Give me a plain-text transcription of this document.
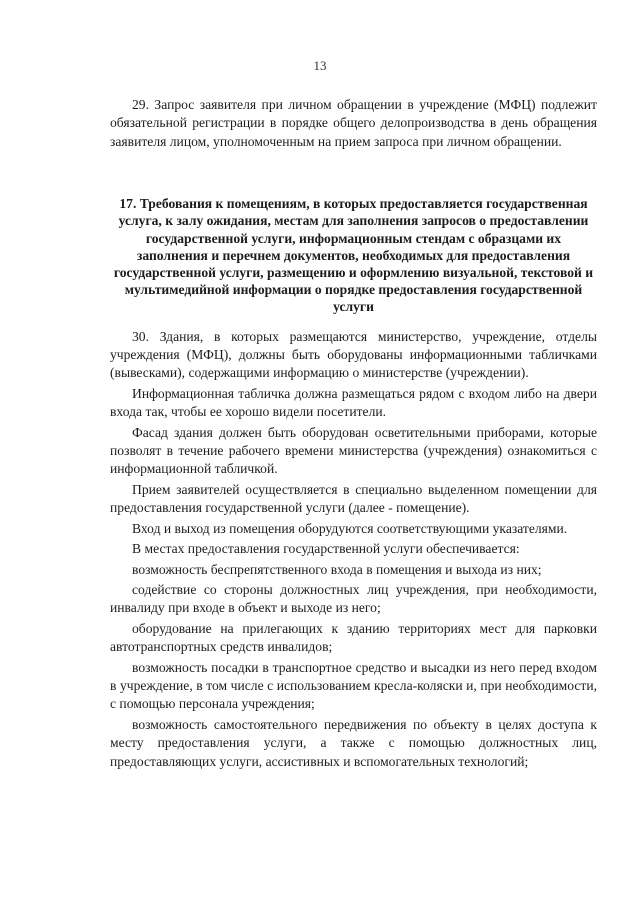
13

29. Запрос заявителя при личном обращении в учреждение (МФЦ) подлежит обязательной регистрации в порядке общего делопроизводства в день обращения заявителя лицом, уполномоченным на прием запроса при личном обращении.

17. Требования к помещениям, в которых предоставляется государственная услуга, к залу ожидания, местам для заполнения запросов о предоставлении государственной услуги, информационным стендам с образцами их заполнения и перечнем документов, необходимых для предоставления государственной услуги, размещению и оформлению визуальной, текстовой и мультимедийной информации о порядке предоставления государственной услуги

30. Здания, в которых размещаются министерство, учреждение, отделы учреждения (МФЦ), должны быть оборудованы информационными табличками (вывесками), содержащими информацию о министерстве (учреждении).

Информационная табличка должна размещаться рядом с входом либо на двери входа так, чтобы ее хорошо видели посетители.

Фасад здания должен быть оборудован осветительными приборами, которые позволят в течение рабочего времени министерства (учреждения) ознакомиться с информационной табличкой.

Прием заявителей осуществляется в специально выделенном помещении для предоставления государственной услуги (далее - помещение).

Вход и выход из помещения оборудуются соответствующими указателями.

В местах предоставления государственной услуги обеспечивается:

возможность беспрепятственного входа в помещения и выхода из них;

содействие со стороны должностных лиц учреждения, при необходимости, инвалиду при входе в объект и выходе из него;

оборудование на прилегающих к зданию территориях мест для парковки автотранспортных средств инвалидов;

возможность посадки в транспортное средство и высадки из него перед входом в учреждение, в том числе с использованием кресла-коляски и, при необходимости, с помощью персонала учреждения;

возможность самостоятельного передвижения по объекту в целях доступа к месту предоставления услуги, а также с помощью должностных лиц, предоставляющих услуги, ассистивных и вспомогательных технологий;
